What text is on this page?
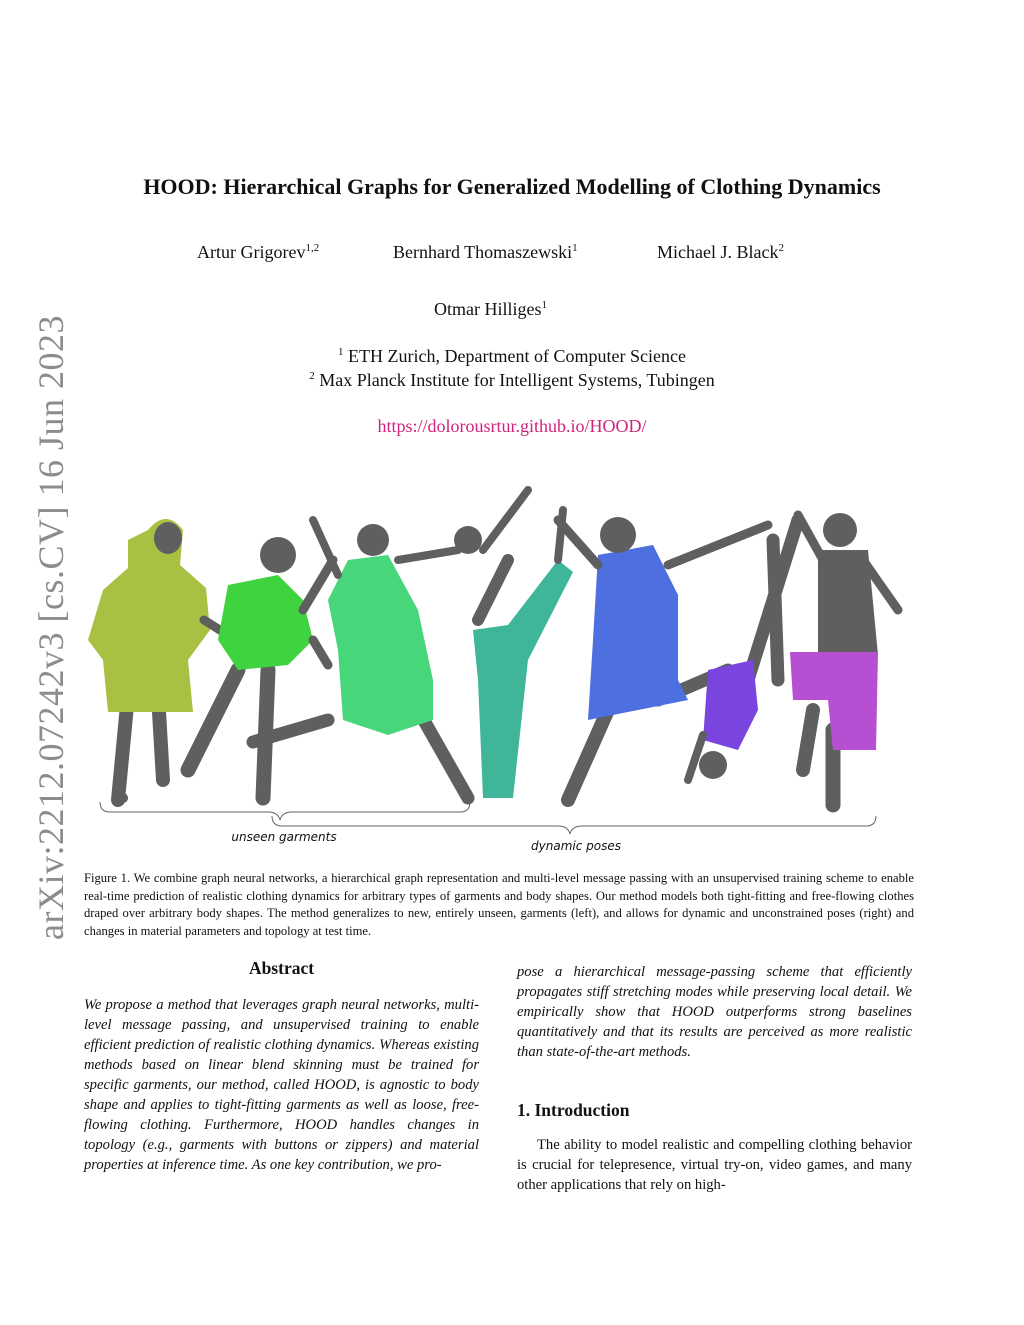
arXiv:2212.07242v3 [cs.CV] 16 Jun 2023
HOOD: Hierarchical Graphs for Generalized Modelling of Clothing Dynamics
Artur Grigorev$^{1,2}$	Bernhard Thomaszewski$^1$	Michael J. Black$^2$
Otmar Hilliges$^1$
$^1$ ETH Zurich, Department of Computer Science
$^2$ Max Planck Institute for Intelligent Systems, Tubingen
https://dolorousrtur.github.io/HOOD/
unseen garments
dynamic poses
Figure 1. We combine graph neural networks, a hierarchical graph representation and multi-level message passing with an unsupervised training scheme to enable real-time prediction of realistic clothing dynamics for arbitrary types of garments and body shapes. Our method models both tight-fitting and free-flowing clothes draped over arbitrary body shapes. The method generalizes to new, entirely unseen, garments (left), and allows for dynamic and unconstrained poses (right) and changes in material parameters and topology at test time.
Abstract
We propose a method that leverages graph neural networks, multi-level message passing, and unsupervised training to enable efficient prediction of realistic clothing dynamics. Whereas existing methods based on linear blend skinning must be trained for specific garments, our method, called HOOD, is agnostic to body shape and applies to tight-fitting garments as well as loose, free-flowing clothing. Furthermore, HOOD handles changes in topology (e.g., garments with buttons or zippers) and material properties at inference time. As one key contribution, we pro-
pose a hierarchical message-passing scheme that efficiently propagates stiff stretching modes while preserving local detail. We empirically show that HOOD outperforms strong baselines quantitatively and that its results are perceived as more realistic than state-of-the-art methods.
1. Introduction
The ability to model realistic and compelling clothing behavior is crucial for telepresence, virtual try-on, video games, and many other applications that rely on high-
